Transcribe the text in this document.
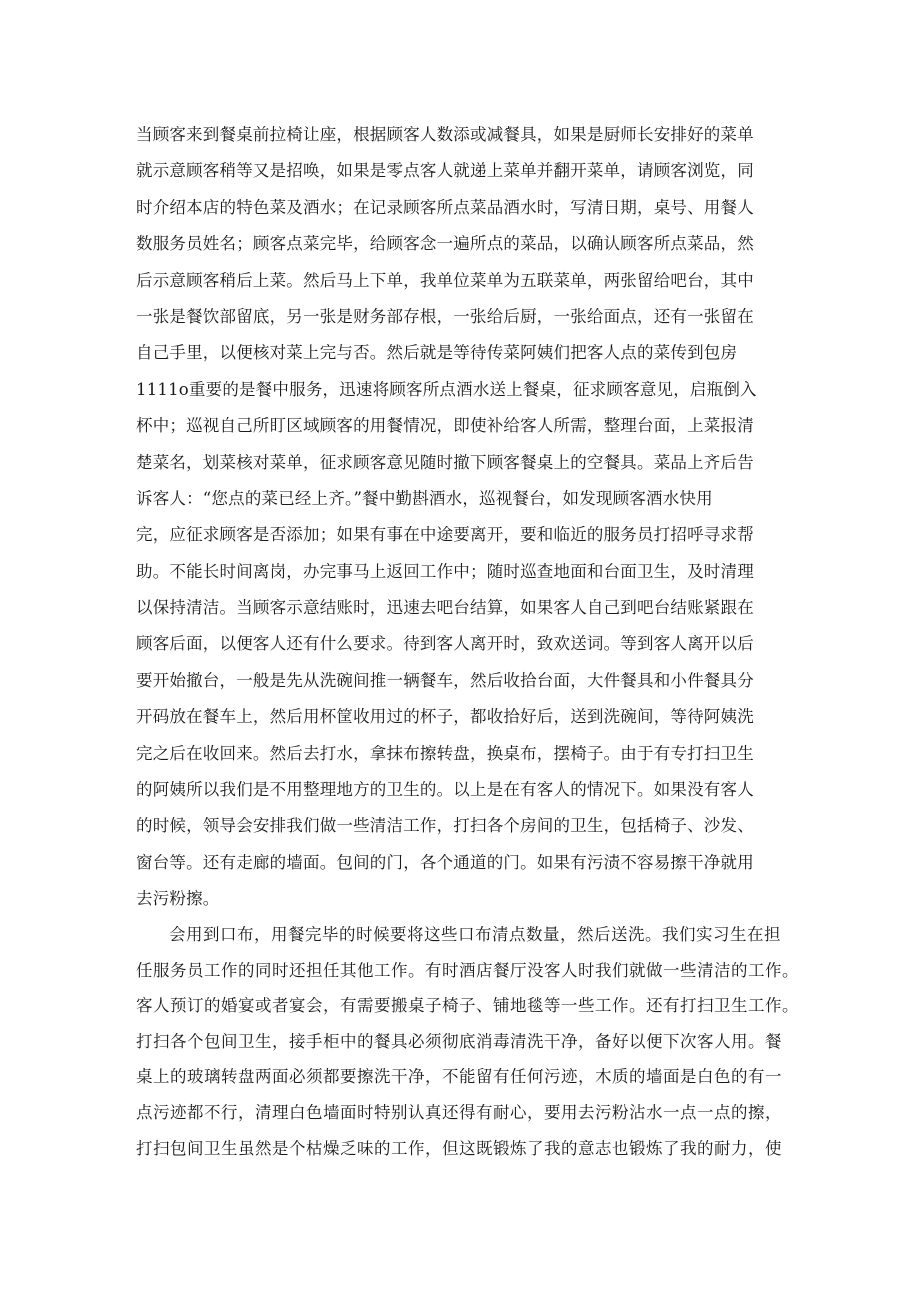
当顾客来到餐桌前拉椅让座，根据顾客人数添或减餐具，如果是厨师长安排好的菜单
就示意顾客稍等又是招唤，如果是零点客人就递上菜单并翻开菜单，请顾客浏览，同
时介绍本店的特色菜及酒水；在记录顾客所点菜品酒水时，写清日期，桌号、用餐人
数服务员姓名；顾客点菜完毕，给顾客念一遍所点的菜品，以确认顾客所点菜品，然
后示意顾客稍后上菜。然后马上下单，我单位菜单为五联菜单，两张留给吧台，其中
一张是餐饮部留底，另一张是财务部存根，一张给后厨，一张给面点，还有一张留在
自己手里，以便核对菜上完与否。然后就是等待传菜阿姨们把客人点的菜传到包房
1111o重要的是餐中服务，迅速将顾客所点酒水送上餐桌，征求顾客意见，启瓶倒入
杯中；巡视自己所盯区域顾客的用餐情况，即使补给客人所需，整理台面，上菜报清
楚菜名，划菜核对菜单，征求顾客意见随时撤下顾客餐桌上的空餐具。菜品上齐后告
诉客人：“您点的菜已经上齐。”餐中勤斟酒水，巡视餐台，如发现顾客酒水快用
完，应征求顾客是否添加；如果有事在中途要离开，要和临近的服务员打招呼寻求帮
助。不能长时间离岗，办完事马上返回工作中；随时巡查地面和台面卫生，及时清理
以保持清洁。当顾客示意结账时，迅速去吧台结算，如果客人自己到吧台结账紧跟在
顾客后面，以便客人还有什么要求。待到客人离开时，致欢送词。等到客人离开以后
要开始撤台，一般是先从洗碗间推一辆餐车，然后收拾台面，大件餐具和小件餐具分
开码放在餐车上，然后用杯筐收用过的杯子，都收拾好后，送到洗碗间，等待阿姨洗
完之后在收回来。然后去打水，拿抹布擦转盘，换桌布，摆椅子。由于有专打扫卫生
的阿姨所以我们是不用整理地方的卫生的。以上是在有客人的情况下。如果没有客人
的时候，领导会安排我们做一些清洁工作，打扫各个房间的卫生，包括椅子、沙发、
窗台等。还有走廊的墙面。包间的门，各个通道的门。如果有污渍不容易擦干净就用
去污粉擦。
会用到口布，用餐完毕的时候要将这些口布清点数量，然后送洗。我们实习生在担
任服务员工作的同时还担任其他工作。有时酒店餐厅没客人时我们就做一些清洁的工作。
客人预订的婚宴或者宴会，有需要搬桌子椅子、铺地毯等一些工作。还有打扫卫生工作。
打扫各个包间卫生，接手柜中的餐具必须彻底消毒清洗干净，备好以便下次客人用。餐
桌上的玻璃转盘两面必须都要擦洗干净，不能留有任何污迹，木质的墙面是白色的有一
点污迹都不行，清理白色墙面时特别认真还得有耐心，要用去污粉沾水一点一点的擦，
打扫包间卫生虽然是个枯燥乏味的工作，但这既锻炼了我的意志也锻炼了我的耐力，使
